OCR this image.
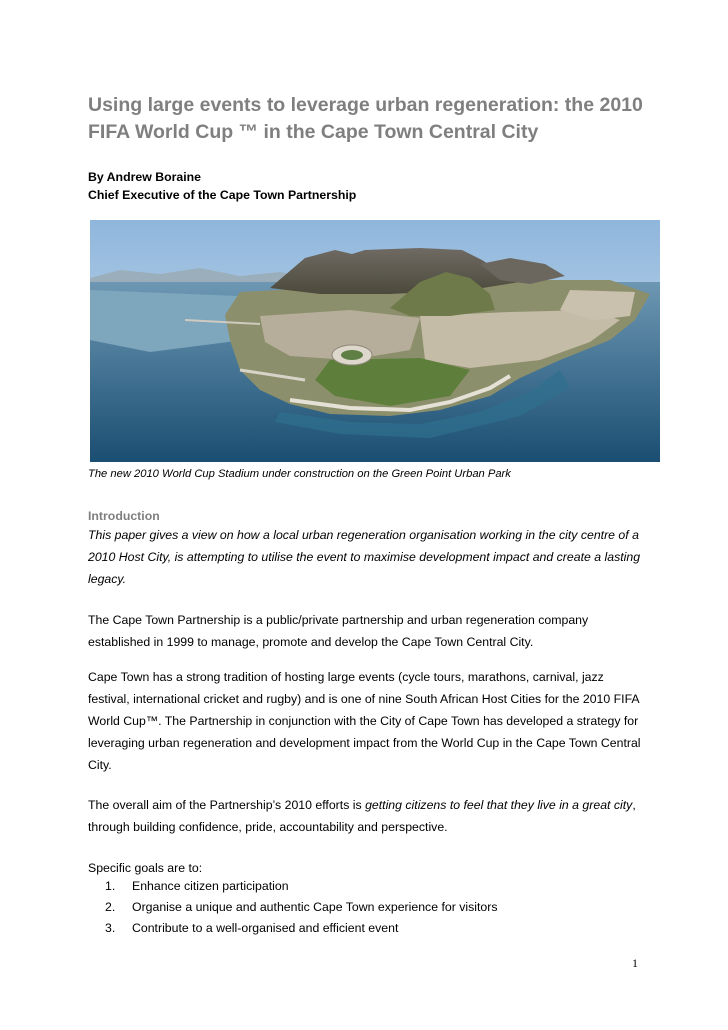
Using large events to leverage urban regeneration: the 2010 FIFA World Cup ™ in the Cape Town Central City
By Andrew Boraine
Chief Executive of the Cape Town Partnership
The new 2010 World Cup Stadium under construction on the Green Point Urban Park
Introduction

This paper gives a view on how a local urban regeneration organisation working in the city centre of a 2010 Host City, is attempting to utilise the event to maximise development impact and create a lasting legacy.

The Cape Town Partnership is a public/private partnership and urban regeneration company established in 1999 to manage, promote and develop the Cape Town Central City.

Cape Town has a strong tradition of hosting large events (cycle tours, marathons, carnival, jazz festival, international cricket and rugby) and is one of nine South African Host Cities for the 2010 FIFA World Cup™. The Partnership in conjunction with the City of Cape Town has developed a strategy for leveraging urban regeneration and development impact from the World Cup in the Cape Town Central City.

The overall aim of the Partnership’s 2010 efforts is getting citizens to feel that they live in a great city, through building confidence, pride, accountability and perspective.

Specific goals are to:

1. Enhance citizen participation
2. Organise a unique and authentic Cape Town experience for visitors
3. Contribute to a well-organised and efficient event
1
